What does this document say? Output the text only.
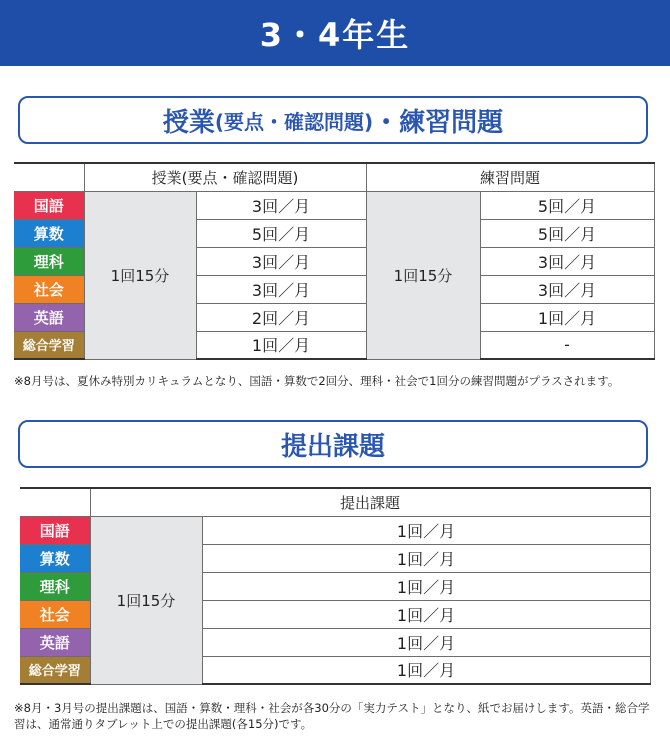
3・4年生
授業 (要点・確認問題) ・ 練習問題
	授業(要点・確認問題)		練習問題	

国語	1回15分	3回／月	1回15分	5回／月

算数		5回／月		5回／月

理科		3回／月		3回／月

社会		3回／月		3回／月

英語		2回／月		1回／月

総合学習		1回／月		-
※8月号は、夏休み特別カリキュラムとなり、国語・算数で2回分、理科・社会で1回分の練習問題がプラスされます。
提出課題
	提出課題	

国語	1回15分	1回／月

算数		1回／月

理科		1回／月

社会		1回／月

英語		1回／月

総合学習		1回／月
※8月・3月号の提出課題は、国語・算数・理科・社会が各30分の「実力テスト」となり、紙でお届けします。英語・総合学習は、通常通りタブレット上での提出課題(各15分)です。
